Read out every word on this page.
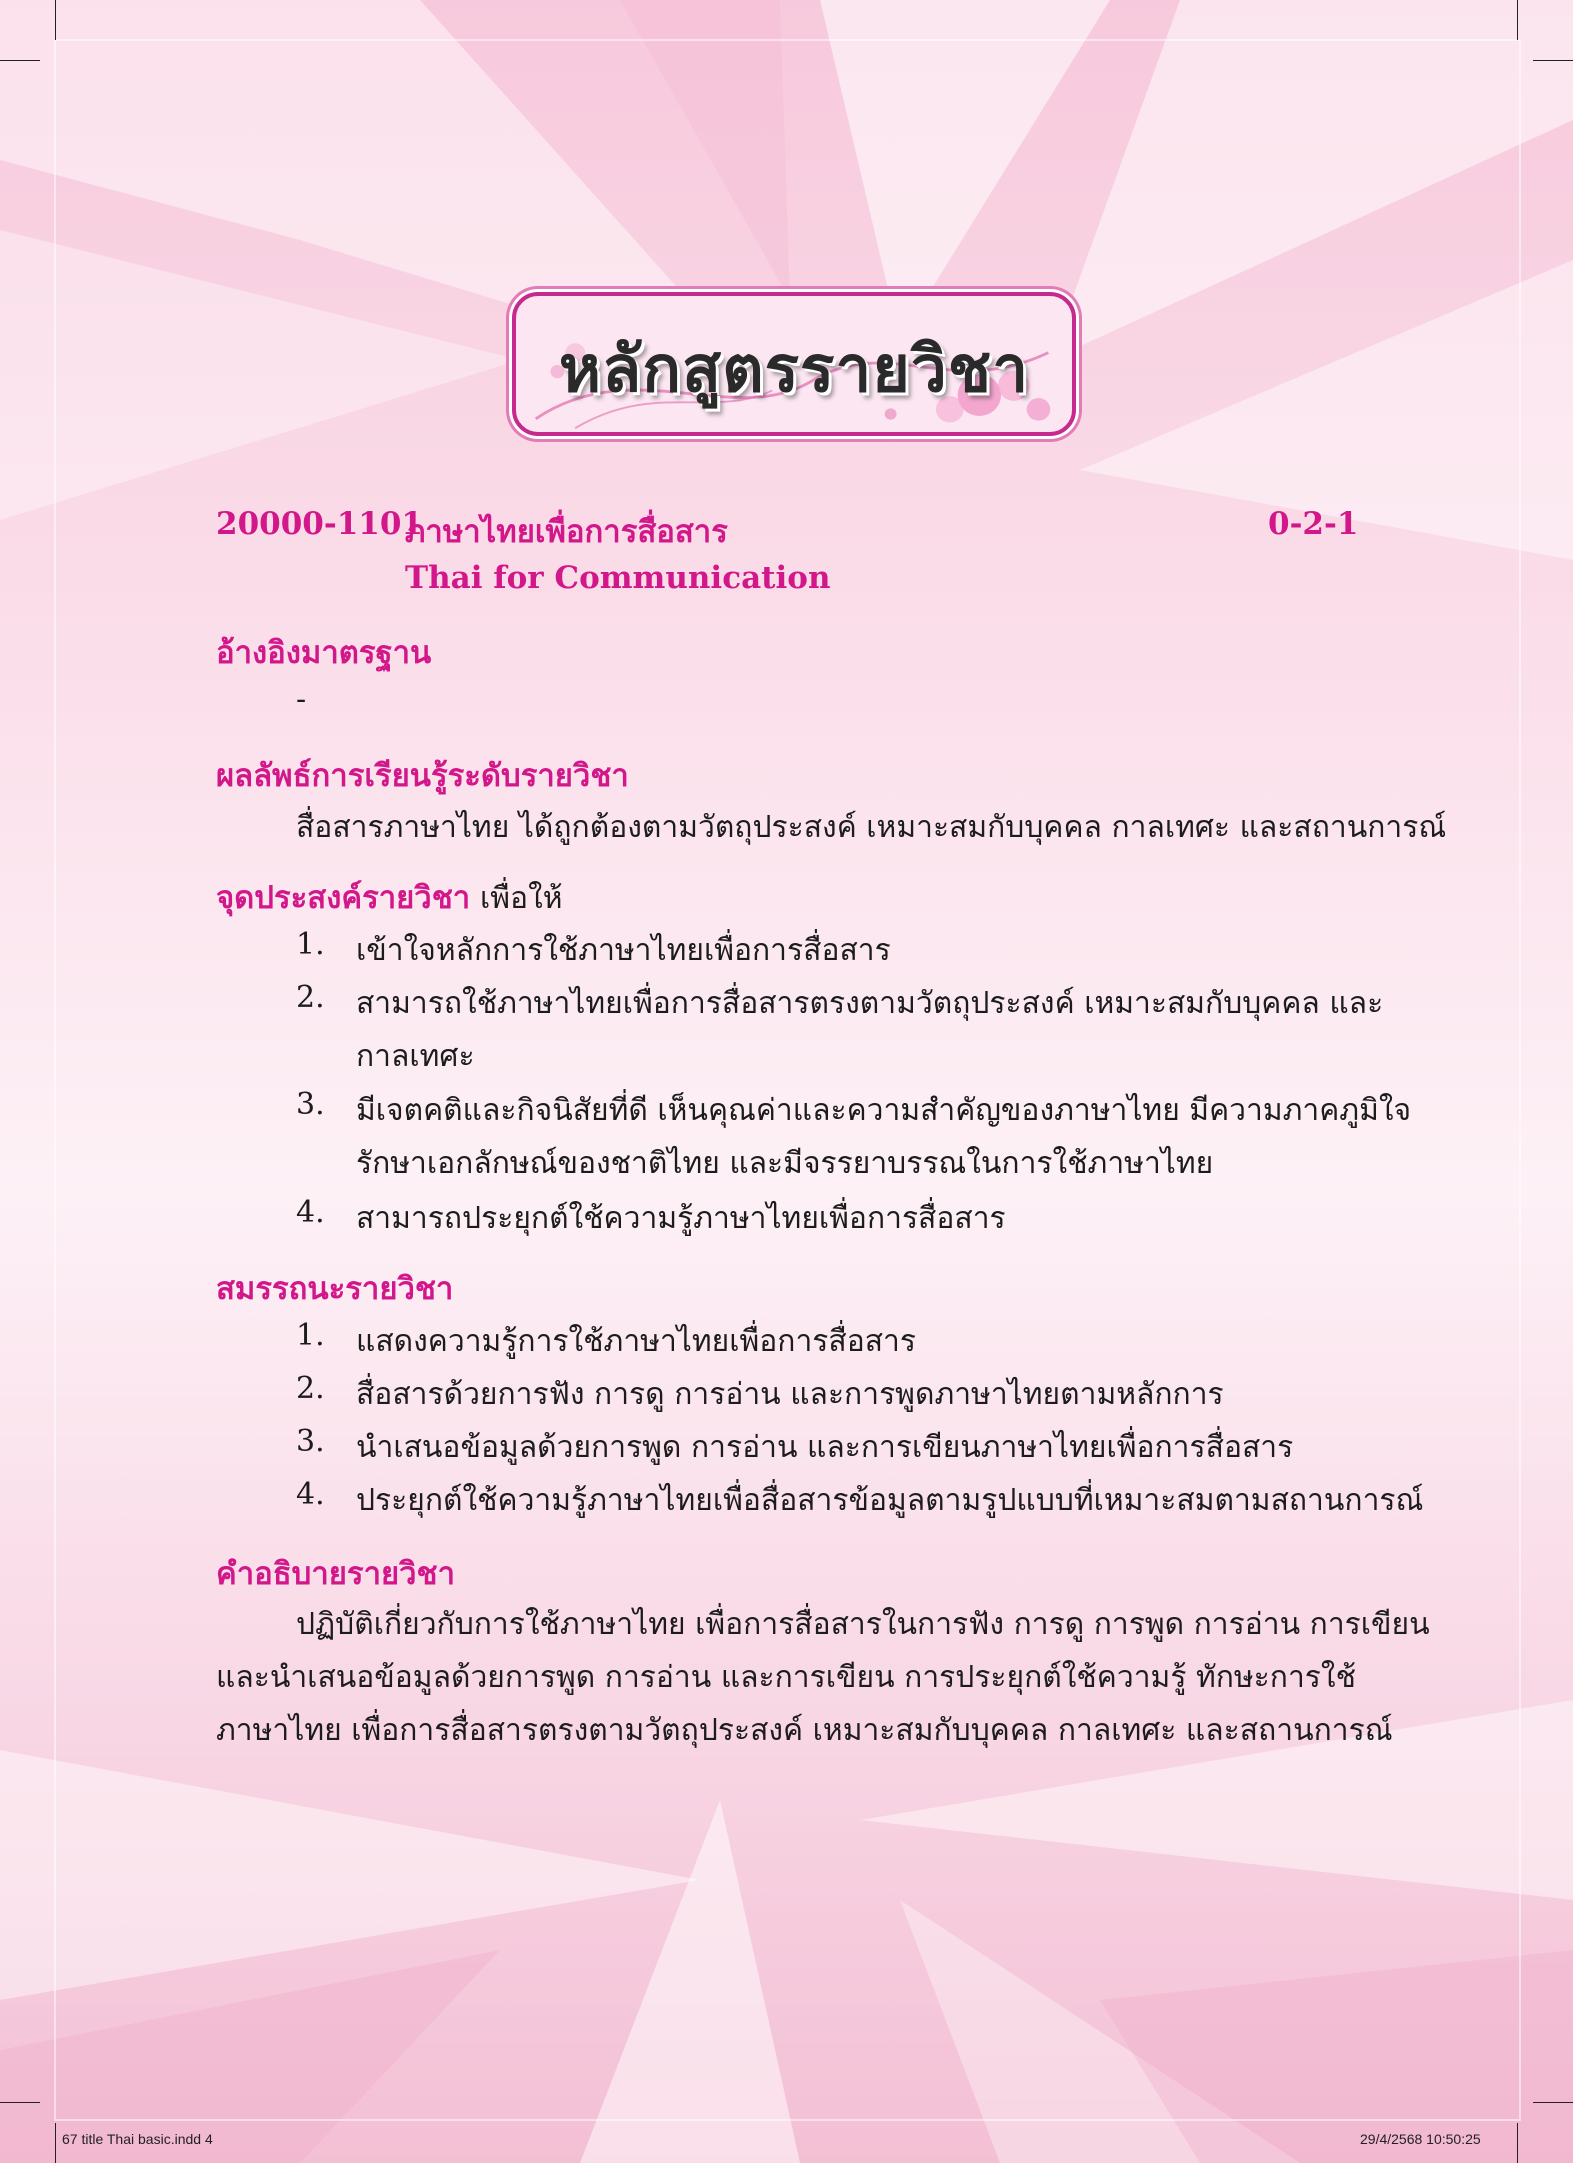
หลักสูตรรายวิชา
20000-1101
ภาษาไทยเพื่อการสื่อสาร	0-2-1
Thai for Communication
อ้างอิงมาตรฐาน
-
ผลลัพธ์การเรียนรู้ระดับรายวิชา
สื่อสารภาษาไทย ได้ถูกต้องตามวัตถุประสงค์ เหมาะสมกับบุคคล กาลเทศะ และสถานการณ์
จุดประสงค์รายวิชา เพื่อให้
1. เข้าใจหลักการใช้ภาษาไทยเพื่อการสื่อสาร
2. สามารถใช้ภาษาไทยเพื่อการสื่อสารตรงตามวัตถุประสงค์ เหมาะสมกับบุคคล และ
กาลเทศะ
3. มีเจตคติและกิจนิสัยที่ดี เห็นคุณค่าและความสำคัญของภาษาไทย มีความภาคภูมิใจ
รักษาเอกลักษณ์ของชาติไทย และมีจรรยาบรรณในการใช้ภาษาไทย
4. สามารถประยุกต์ใช้ความรู้ภาษาไทยเพื่อการสื่อสาร
สมรรถนะรายวิชา
1. แสดงความรู้การใช้ภาษาไทยเพื่อการสื่อสาร
2. สื่อสารด้วยการฟัง การดู การอ่าน และการพูดภาษาไทยตามหลักการ
3. นำเสนอข้อมูลด้วยการพูด การอ่าน และการเขียนภาษาไทยเพื่อการสื่อสาร
4. ประยุกต์ใช้ความรู้ภาษาไทยเพื่อสื่อสารข้อมูลตามรูปแบบที่เหมาะสมตามสถานการณ์
คำอธิบายรายวิชา
ปฏิบัติเกี่ยวกับการใช้ภาษาไทย เพื่อการสื่อสารในการฟัง การดู การพูด การอ่าน การเขียน
และนำเสนอข้อมูลด้วยการพูด การอ่าน และการเขียน การประยุกต์ใช้ความรู้ ทักษะการใช้
ภาษาไทย เพื่อการสื่อสารตรงตามวัตถุประสงค์ เหมาะสมกับบุคคล กาลเทศะ และสถานการณ์
67 title Thai basic.indd 4	29/4/2568 10:50:25
